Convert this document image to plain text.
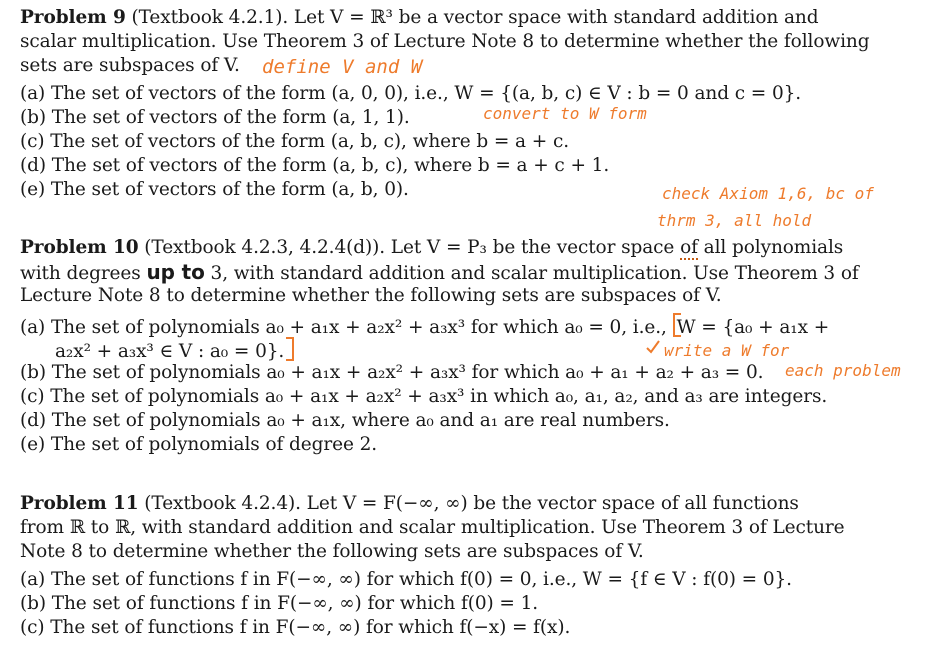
Problem 9 (Textbook 4.2.1). Let V = ℝ³ be a vector space with standard addition and
scalar multiplication. Use Theorem 3 of Lecture Note 8 to determine whether the following
sets are subspaces of V.
(a) The set of vectors of the form (a, 0, 0), i.e., W = {(a, b, c) ∈ V : b = 0 and c = 0}.
(b) The set of vectors of the form (a, 1, 1).
(c) The set of vectors of the form (a, b, c), where b = a + c.
(d) The set of vectors of the form (a, b, c), where b = a + c + 1.
(e) The set of vectors of the form (a, b, 0).
Problem 10 (Textbook 4.2.3, 4.2.4(d)). Let V = P₃ be the vector space of all polynomials
with degrees up to 3, with standard addition and scalar multiplication. Use Theorem 3 of
Lecture Note 8 to determine whether the following sets are subspaces of V.
(a) The set of polynomials a₀ + a₁x + a₂x² + a₃x³ for which a₀ = 0, i.e., W = {a₀ + a₁x +
a₂x² + a₃x³ ∈ V : a₀ = 0}.
(b) The set of polynomials a₀ + a₁x + a₂x² + a₃x³ for which a₀ + a₁ + a₂ + a₃ = 0.
(c) The set of polynomials a₀ + a₁x + a₂x² + a₃x³ in which a₀, a₁, a₂, and a₃ are integers.
(d) The set of polynomials a₀ + a₁x, where a₀ and a₁ are real numbers.
(e) The set of polynomials of degree 2.
Problem 11 (Textbook 4.2.4). Let V = F(−∞, ∞) be the vector space of all functions
from ℝ to ℝ, with standard addition and scalar multiplication. Use Theorem 3 of Lecture
Note 8 to determine whether the following sets are subspaces of V.
(a) The set of functions f in F(−∞, ∞) for which f(0) = 0, i.e., W = {f ∈ V : f(0) = 0}.
(b) The set of functions f in F(−∞, ∞) for which f(0) = 1.
(c) The set of functions f in F(−∞, ∞) for which f(−x) = f(x).
define V and W
convert to W form
check Axiom 1,6, bc of
thrm 3, all hold
write a W for
each problem
